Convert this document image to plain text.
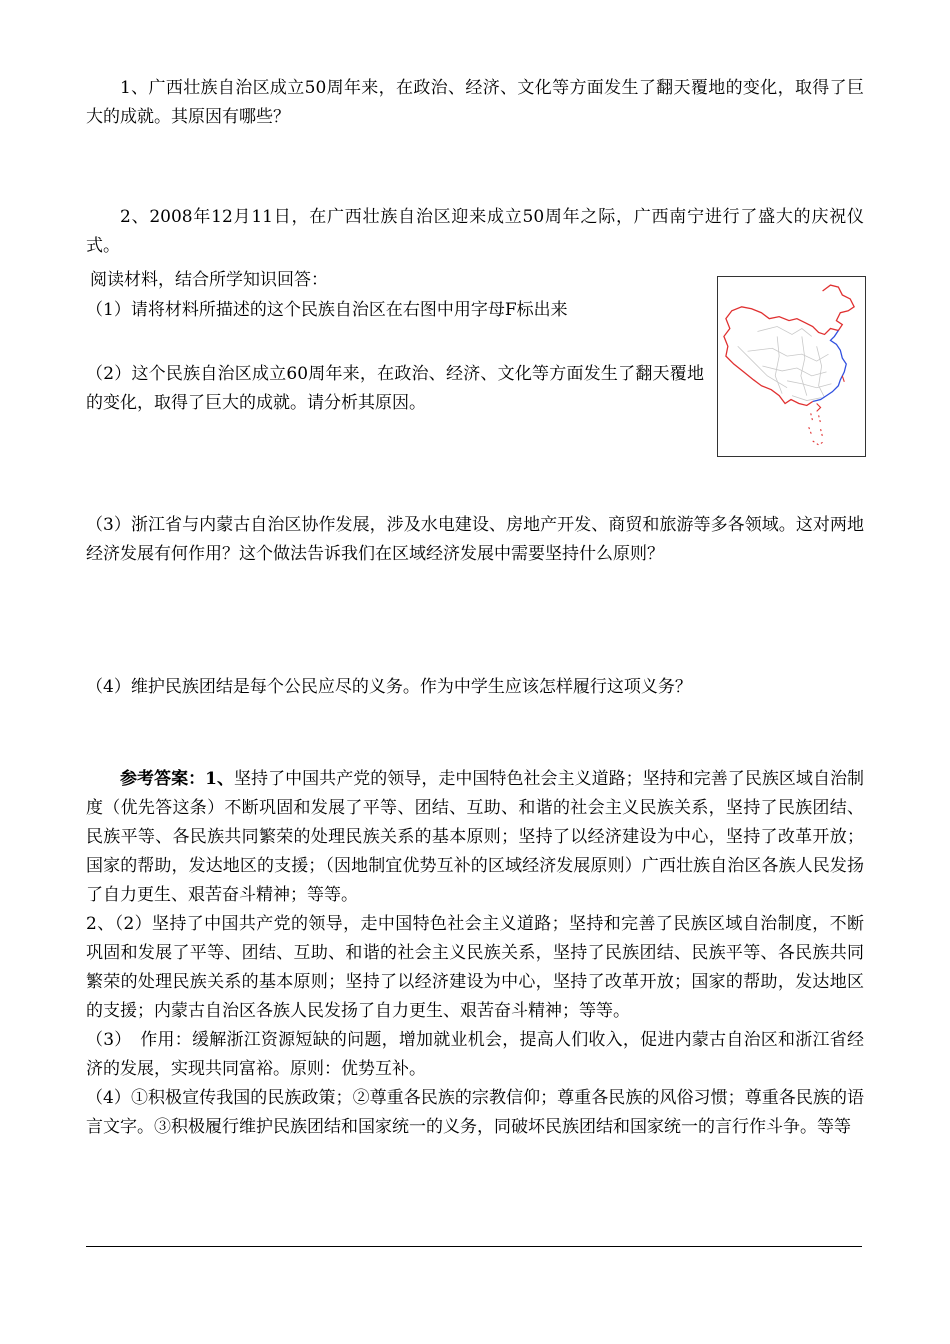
1、广西壮族自治区成立50周年来，在政治、经济、文化等方面发生了翻天覆地的变化，取得了巨大的成就。其原因有哪些？

2、2008年12月11日，在广西壮族自治区迎来成立50周年之际，广西南宁进行了盛大的庆祝仪式。

阅读材料，结合所学知识回答：

（1）请将材料所描述的这个民族自治区在右图中用字母F标出来

（2）这个民族自治区成立60周年来，在政治、经济、文化等方面发生了翻天覆地的变化，取得了巨大的成就。请分析其原因。

（3）浙江省与内蒙古自治区协作发展，涉及水电建设、房地产开发、商贸和旅游等多各领域。这对两地经济发展有何作用？这个做法告诉我们在区域经济发展中需要坚持什么原则？

（4）维护民族团结是每个公民应尽的义务。作为中学生应该怎样履行这项义务？

参考答案：1、坚持了中国共产党的领导，走中国特色社会主义道路；坚持和完善了民族区域自治制度（优先答这条）不断巩固和发展了平等、团结、互助、和谐的社会主义民族关系，坚持了民族团结、民族平等、各民族共同繁荣的处理民族关系的基本原则；坚持了以经济建设为中心，坚持了改革开放；国家的帮助，发达地区的支援；（因地制宜优势互补的区域经济发展原则）广西壮族自治区各族人民发扬了自力更生、艰苦奋斗精神；等等。

2、（2）坚持了中国共产党的领导，走中国特色社会主义道路；坚持和完善了民族区域自治制度，不断巩固和发展了平等、团结、互助、和谐的社会主义民族关系，坚持了民族团结、民族平等、各民族共同繁荣的处理民族关系的基本原则；坚持了以经济建设为中心，坚持了改革开放；国家的帮助，发达地区的支援；内蒙古自治区各族人民发扬了自力更生、艰苦奋斗精神；等等。

（3）　作用：缓解浙江资源短缺的问题，增加就业机会，提高人们收入，促进内蒙古自治区和浙江省经济的发展，实现共同富裕。原则：优势互补。

（4）①积极宣传我国的民族政策；②尊重各民族的宗教信仰；尊重各民族的风俗习惯；尊重各民族的语言文字。③积极履行维护民族团结和国家统一的义务，同破坏民族团结和国家统一的言行作斗争。等等
